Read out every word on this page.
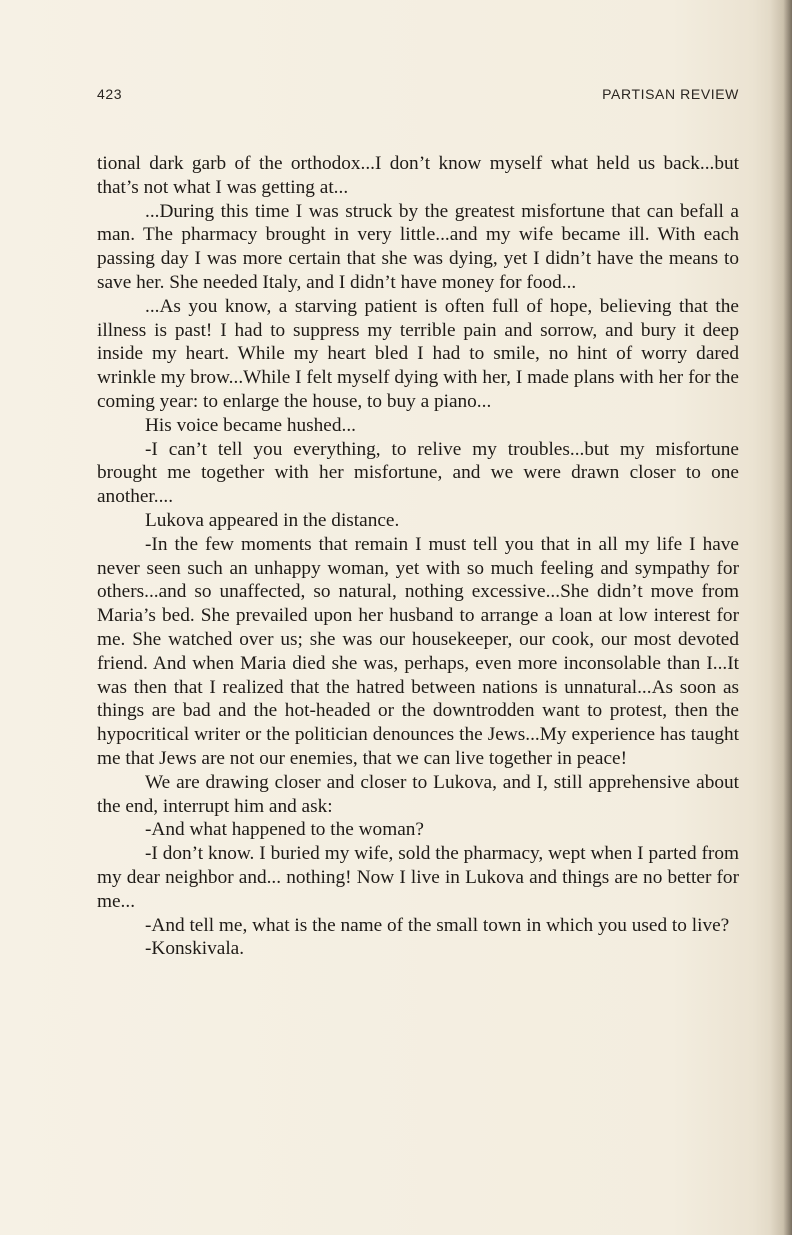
423	PARTISAN REVIEW

tional dark garb of the orthodox...I don’t know myself what held us back...but that’s not what I was getting at...

...During this time I was struck by the greatest misfortune that can befall a man. The pharmacy brought in very little...and my wife became ill. With each passing day I was more certain that she was dying, yet I didn’t have the means to save her. She needed Italy, and I didn’t have money for food...

...As you know, a starving patient is often full of hope, believing that the illness is past! I had to suppress my terrible pain and sorrow, and bury it deep inside my heart. While my heart bled I had to smile, no hint of worry dared wrinkle my brow...While I felt myself dying with her, I made plans with her for the coming year: to enlarge the house, to buy a piano...

His voice became hushed...

-I can’t tell you everything, to relive my troubles...but my misfortune brought me together with her misfortune, and we were drawn closer to one another....

Lukova appeared in the distance.

-In the few moments that remain I must tell you that in all my life I have never seen such an unhappy woman, yet with so much feeling and sympathy for others...and so unaffected, so natural, nothing excessive...She didn’t move from Maria’s bed. She prevailed upon her husband to arrange a loan at low interest for me. She watched over us; she was our housekeeper, our cook, our most devoted friend. And when Maria died she was, perhaps, even more inconsolable than I...It was then that I realized that the hatred between nations is unnatural...As soon as things are bad and the hot-headed or the downtrodden want to protest, then the hypocritical writer or the politician denounces the Jews...My experience has taught me that Jews are not our enemies, that we can live together in peace!

We are drawing closer and closer to Lukova, and I, still apprehensive about the end, interrupt him and ask:

-And what happened to the woman?

-I don’t know. I buried my wife, sold the pharmacy, wept when I parted from my dear neighbor and... nothing! Now I live in Lukova and things are no better for me...

-And tell me, what is the name of the small town in which you used to live?

-Konskivala.
